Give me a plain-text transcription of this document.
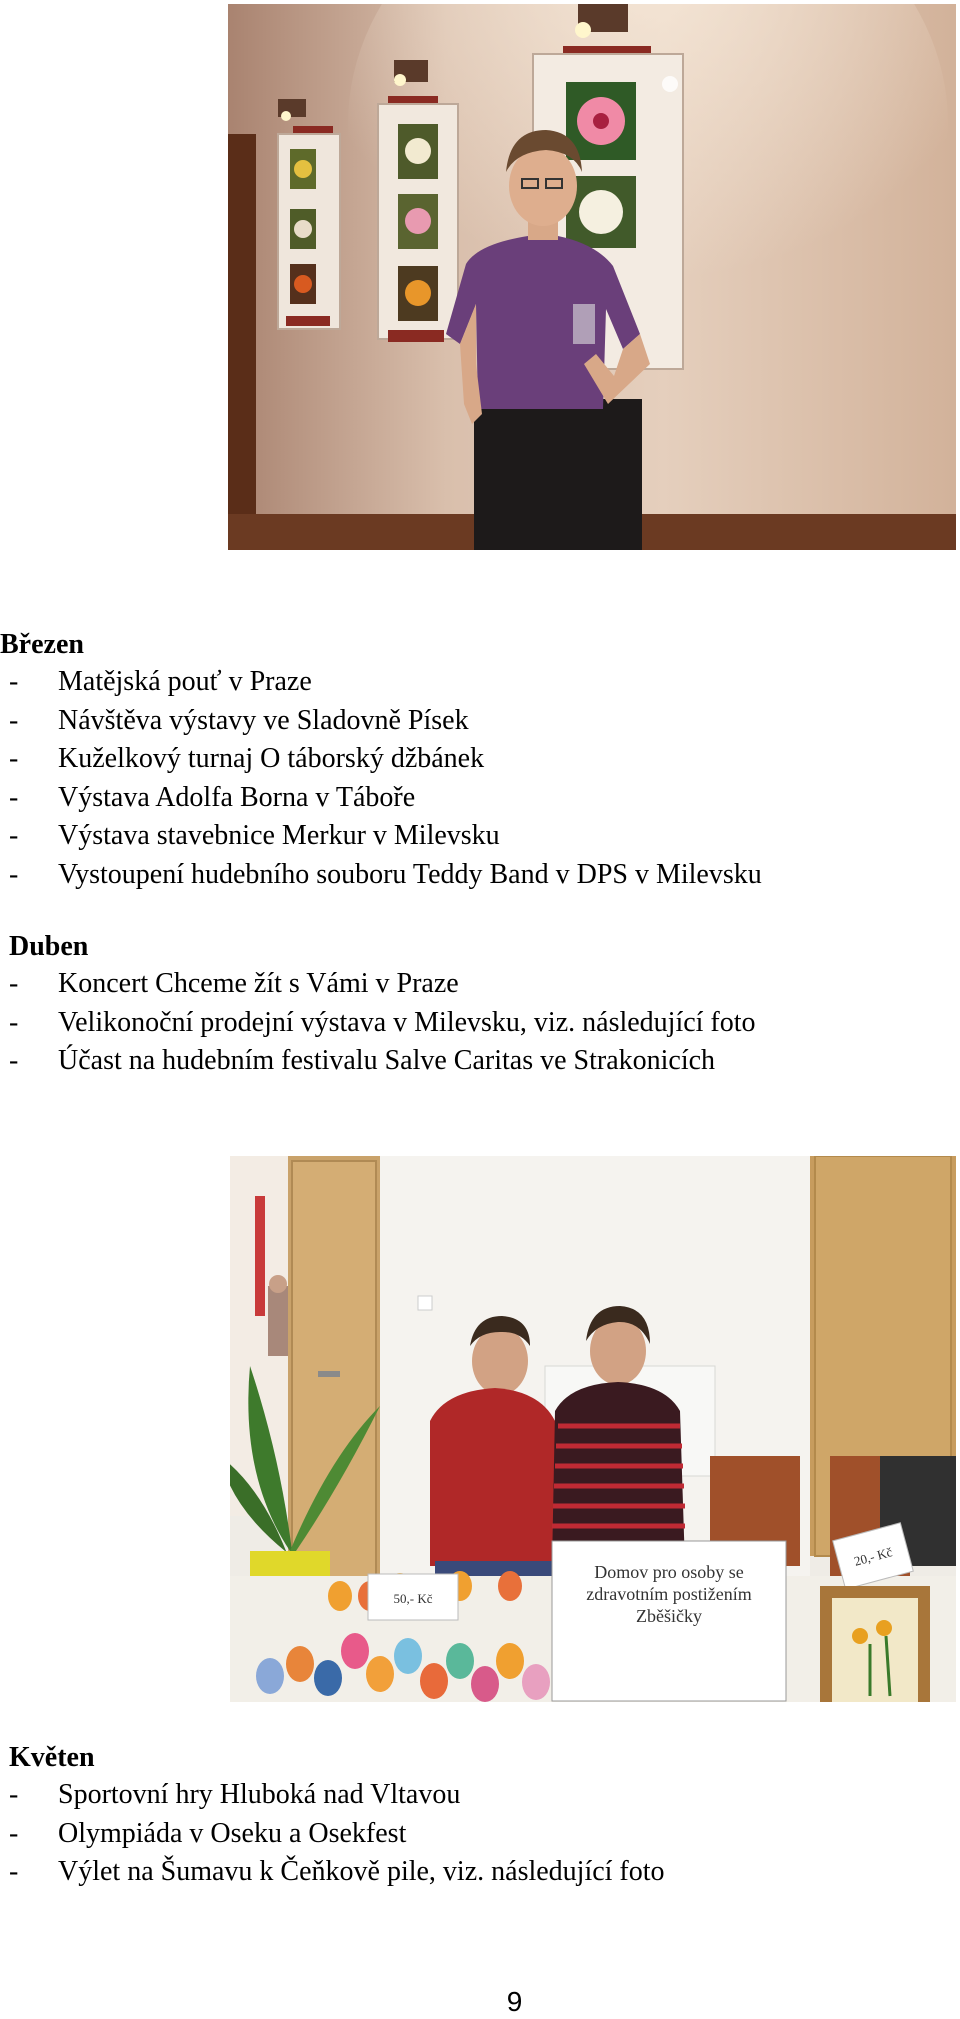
Březen
- Matějská pouť v Praze
- Návštěva výstavy ve Sladovně Písek
- Kuželkový turnaj O táborský džbánek
- Výstava Adolfa Borna v Táboře
- Výstava stavebnice Merkur v Milevsku
- Vystoupení hudebního souboru Teddy Band v DPS v Milevsku
Duben
- Koncert Chceme žít s Vámi v Praze
- Velikonoční prodejní výstava v Milevsku, viz. následující foto
- Účast na hudebním festivalu Salve Caritas ve Strakonicích
50,- Kč
20,- Kč
Domov pro osoby se
zdravotním postižením
Zběšičky
Květen
- Sportovní hry Hluboká nad Vltavou
- Olympiáda v Oseku a Osekfest
- Výlet na Šumavu k Čeňkově pile, viz. následující foto
9
